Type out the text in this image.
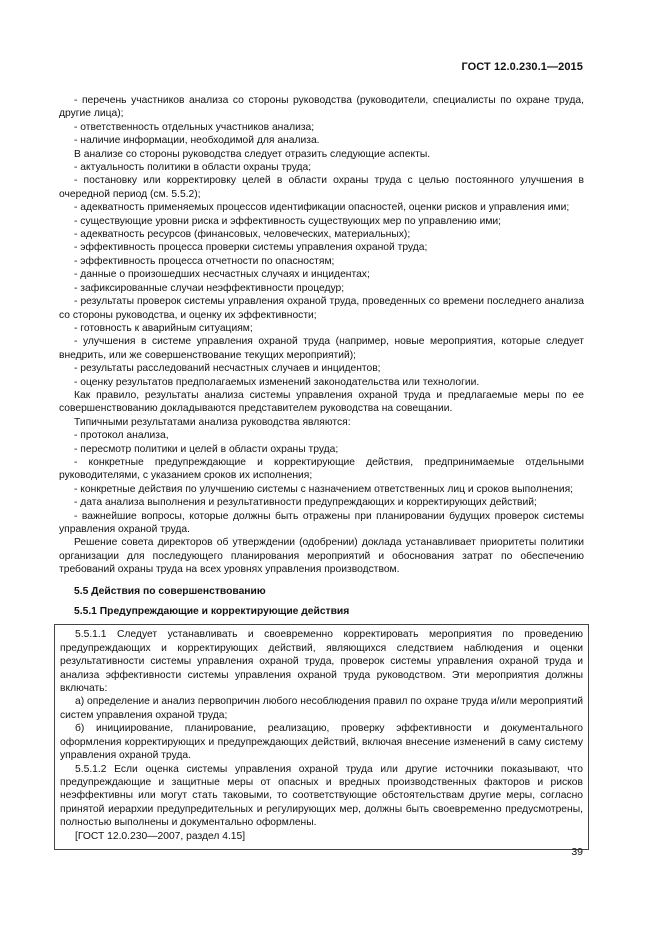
ГОСТ 12.0.230.1—2015

- перечень участников анализа со стороны руководства (руководители, специалисты по охране труда, другие лица);

- ответственность отдельных участников анализа;

- наличие информации, необходимой для анализа.

В анализе со стороны руководства следует отразить следующие аспекты.

- актуальность политики в области охраны труда;

- постановку или корректировку целей в области охраны труда с целью постоянного улучшения в очередной период (см. 5.5.2);

- адекватность применяемых процессов идентификации опасностей, оценки рисков и управления ими;

- существующие уровни риска и эффективность существующих мер по управлению ими;

- адекватность ресурсов (финансовых, человеческих, материальных);

- эффективность процесса проверки системы управления охраной труда;

- эффективность процесса отчетности по опасностям;

- данные о произошедших несчастных случаях и инцидентах;

- зафиксированные случаи неэффективности процедур;

- результаты проверок системы управления охраной труда, проведенных со времени последнего анализа со стороны руководства, и оценку их эффективности;

- готовность к аварийным ситуациям;

- улучшения в системе управления охраной труда (например, новые мероприятия, которые следует внедрить, или же совершенствование текущих мероприятий);

- результаты расследований несчастных случаев и инцидентов;

- оценку результатов предполагаемых изменений законодательства или технологии.

Как правило, результаты анализа системы управления охраной труда и предлагаемые меры по ее совершенствованию докладываются представителем руководства на совещании.

Типичными результатами анализа руководства являются:

- протокол анализа,

- пересмотр политики и целей в области охраны труда;

- конкретные предупреждающие и корректирующие действия, предпринимаемые отдельными руководителями, с указанием сроков их исполнения;

- конкретные действия по улучшению системы с назначением ответственных лиц и сроков выполнения;

- дата анализа выполнения и результативности предупреждающих и корректирующих действий;

- важнейшие вопросы, которые должны быть отражены при планировании будущих проверок системы управления охраной труда.

Решение совета директоров об утверждении (одобрении) доклада устанавливает приоритеты политики организации для последующего планирования мероприятий и обоснования затрат по обеспечению требований охраны труда на всех уровнях управления производством.

5.5 Действия по совершенствованию

5.5.1 Предупреждающие и корректирующие действия

5.5.1.1 Следует устанавливать и своевременно корректировать мероприятия по проведению предупреждающих и корректирующих действий, являющихся следствием наблюдения и оценки результативности системы управления охраной труда, проверок системы управления охраной труда и анализа эффективности системы управления охраной труда руководством. Эти мероприятия должны включать:

а) определение и анализ первопричин любого несоблюдения правил по охране труда и/или мероприятий систем управления охраной труда;

б) инициирование, планирование, реализацию, проверку эффективности и документального оформления корректирующих и предупреждающих действий, включая внесение изменений в саму систему управления охраной труда.

5.5.1.2 Если оценка системы управления охраной труда или другие источники показывают, что предупреждающие и защитные меры от опасных и вредных производственных факторов и рисков неэффективны или могут стать таковыми, то соответствующие обстоятельствам другие меры, согласно принятой иерархии предупредительных и регулирующих мер, должны быть своевременно предусмотрены, полностью выполнены и документально оформлены.

[ГОСТ 12.0.230—2007, раздел 4.15]

39
